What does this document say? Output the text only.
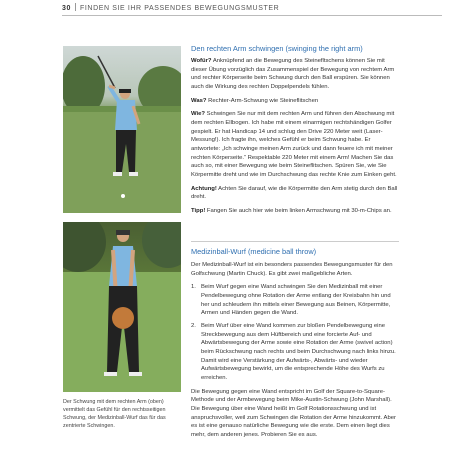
30 FINDEN SIE IHR PASSENDES BEWEGUNGSMUSTER
Der Schwung mit dem rechten Arm (oben) vermittelt das Gefühl für den rechtsseitigen Schwung, der Medizinball-Wurf das für das zentrierte Schwingen.
Den rechten Arm schwingen (swinging the right arm)

Wofür? Anknüpfend an die Bewegung des Steinefltschens können Sie mit dieser Übung vorzüglich das Zusammenspiel der Bewegung von rechtem Arm und rechter Körperseite beim Schwung durch den Ball erspüren. Sie können auch die Wirkung des rechten Doppelpendels fühlen.

Was? Rechter-Arm-Schwung wie Steineflitschen

Wie? Schwingen Sie nur mit dem rechten Arm und führen den Abschwung mit dem rechten Ellbogen. Ich habe mit einem einarmigen rechtshändigen Golfer gespielt. Er hat Handicap 14 und schlug den Drive 220 Meter weit (Laser-Messung!). Ich fragte ihn, welches Gefühl er beim Schwung habe. Er antwortete: „Ich schwinge meinen Arm zurück und dann feuere ich mit meiner rechten Körperseite.“ Respektable 220 Meter mit einem Arm! Machen Sie das auch so, mit einer Bewegung wie beim Steineflitschen. Spüren Sie, wie Sie Körpermitte dreht und wie im Durchschwung das rechte Knie zum Einken geht.

Achtung! Achten Sie darauf, wie die Körpermitte den Arm stetig durch den Ball dreht.

Tipp! Fangen Sie auch hier wie beim linken Armschwung mit 30-m-Chips an.

Medizinball-Wurf (medicine ball throw)

Der Medizinball-Wurf ist ein besonders passendes Bewegungsmuster für den Golfschwung (Martin Chuck). Es gibt zwei maßgebliche Arten.

1. Beim Wurf gegen eine Wand schwingen Sie den Medizinball mit einer Pendelbewegung ohne Rotation der Arme entlang der Kreisbahn hin und her und schleudern ihn mittels einer Bewegung aus Beinen, Körpermitte, Armen und Händen gegen die Wand.
2. Beim Wurf über eine Wand kommen zur bloßen Pendelbewegung eine Streckbewegung aus dem Hüftbereich und eine forcierte Auf- und Abwärtsbewegung der Arme sowie eine Rotation der Arme (swivel action) beim Rückschwung nach rechts und beim Durchschwung nach links hinzu. Damit wird eine Verstärkung der Aufwärts-, Abwärts- und wieder Aufwärtsbewegung bewirkt, um die entsprechende Höhe des Wurfs zu erreichen.

Die Bewegung gegen eine Wand entspricht im Golf der Square-to-Square-Methode und der Armbewegung beim Mike-Austin-Schwung (John Marshall). Die Bewegung über eine Wand heißt im Golf Rotationsschwung und ist anspruchsvoller, weil zum Schwingen die Rotation der Arme hinzukommt. Aber es ist eine genauso natürliche Bewegung wie die erste. Dem einen liegt dies mehr, dem anderen jenes. Probieren Sie es aus.
